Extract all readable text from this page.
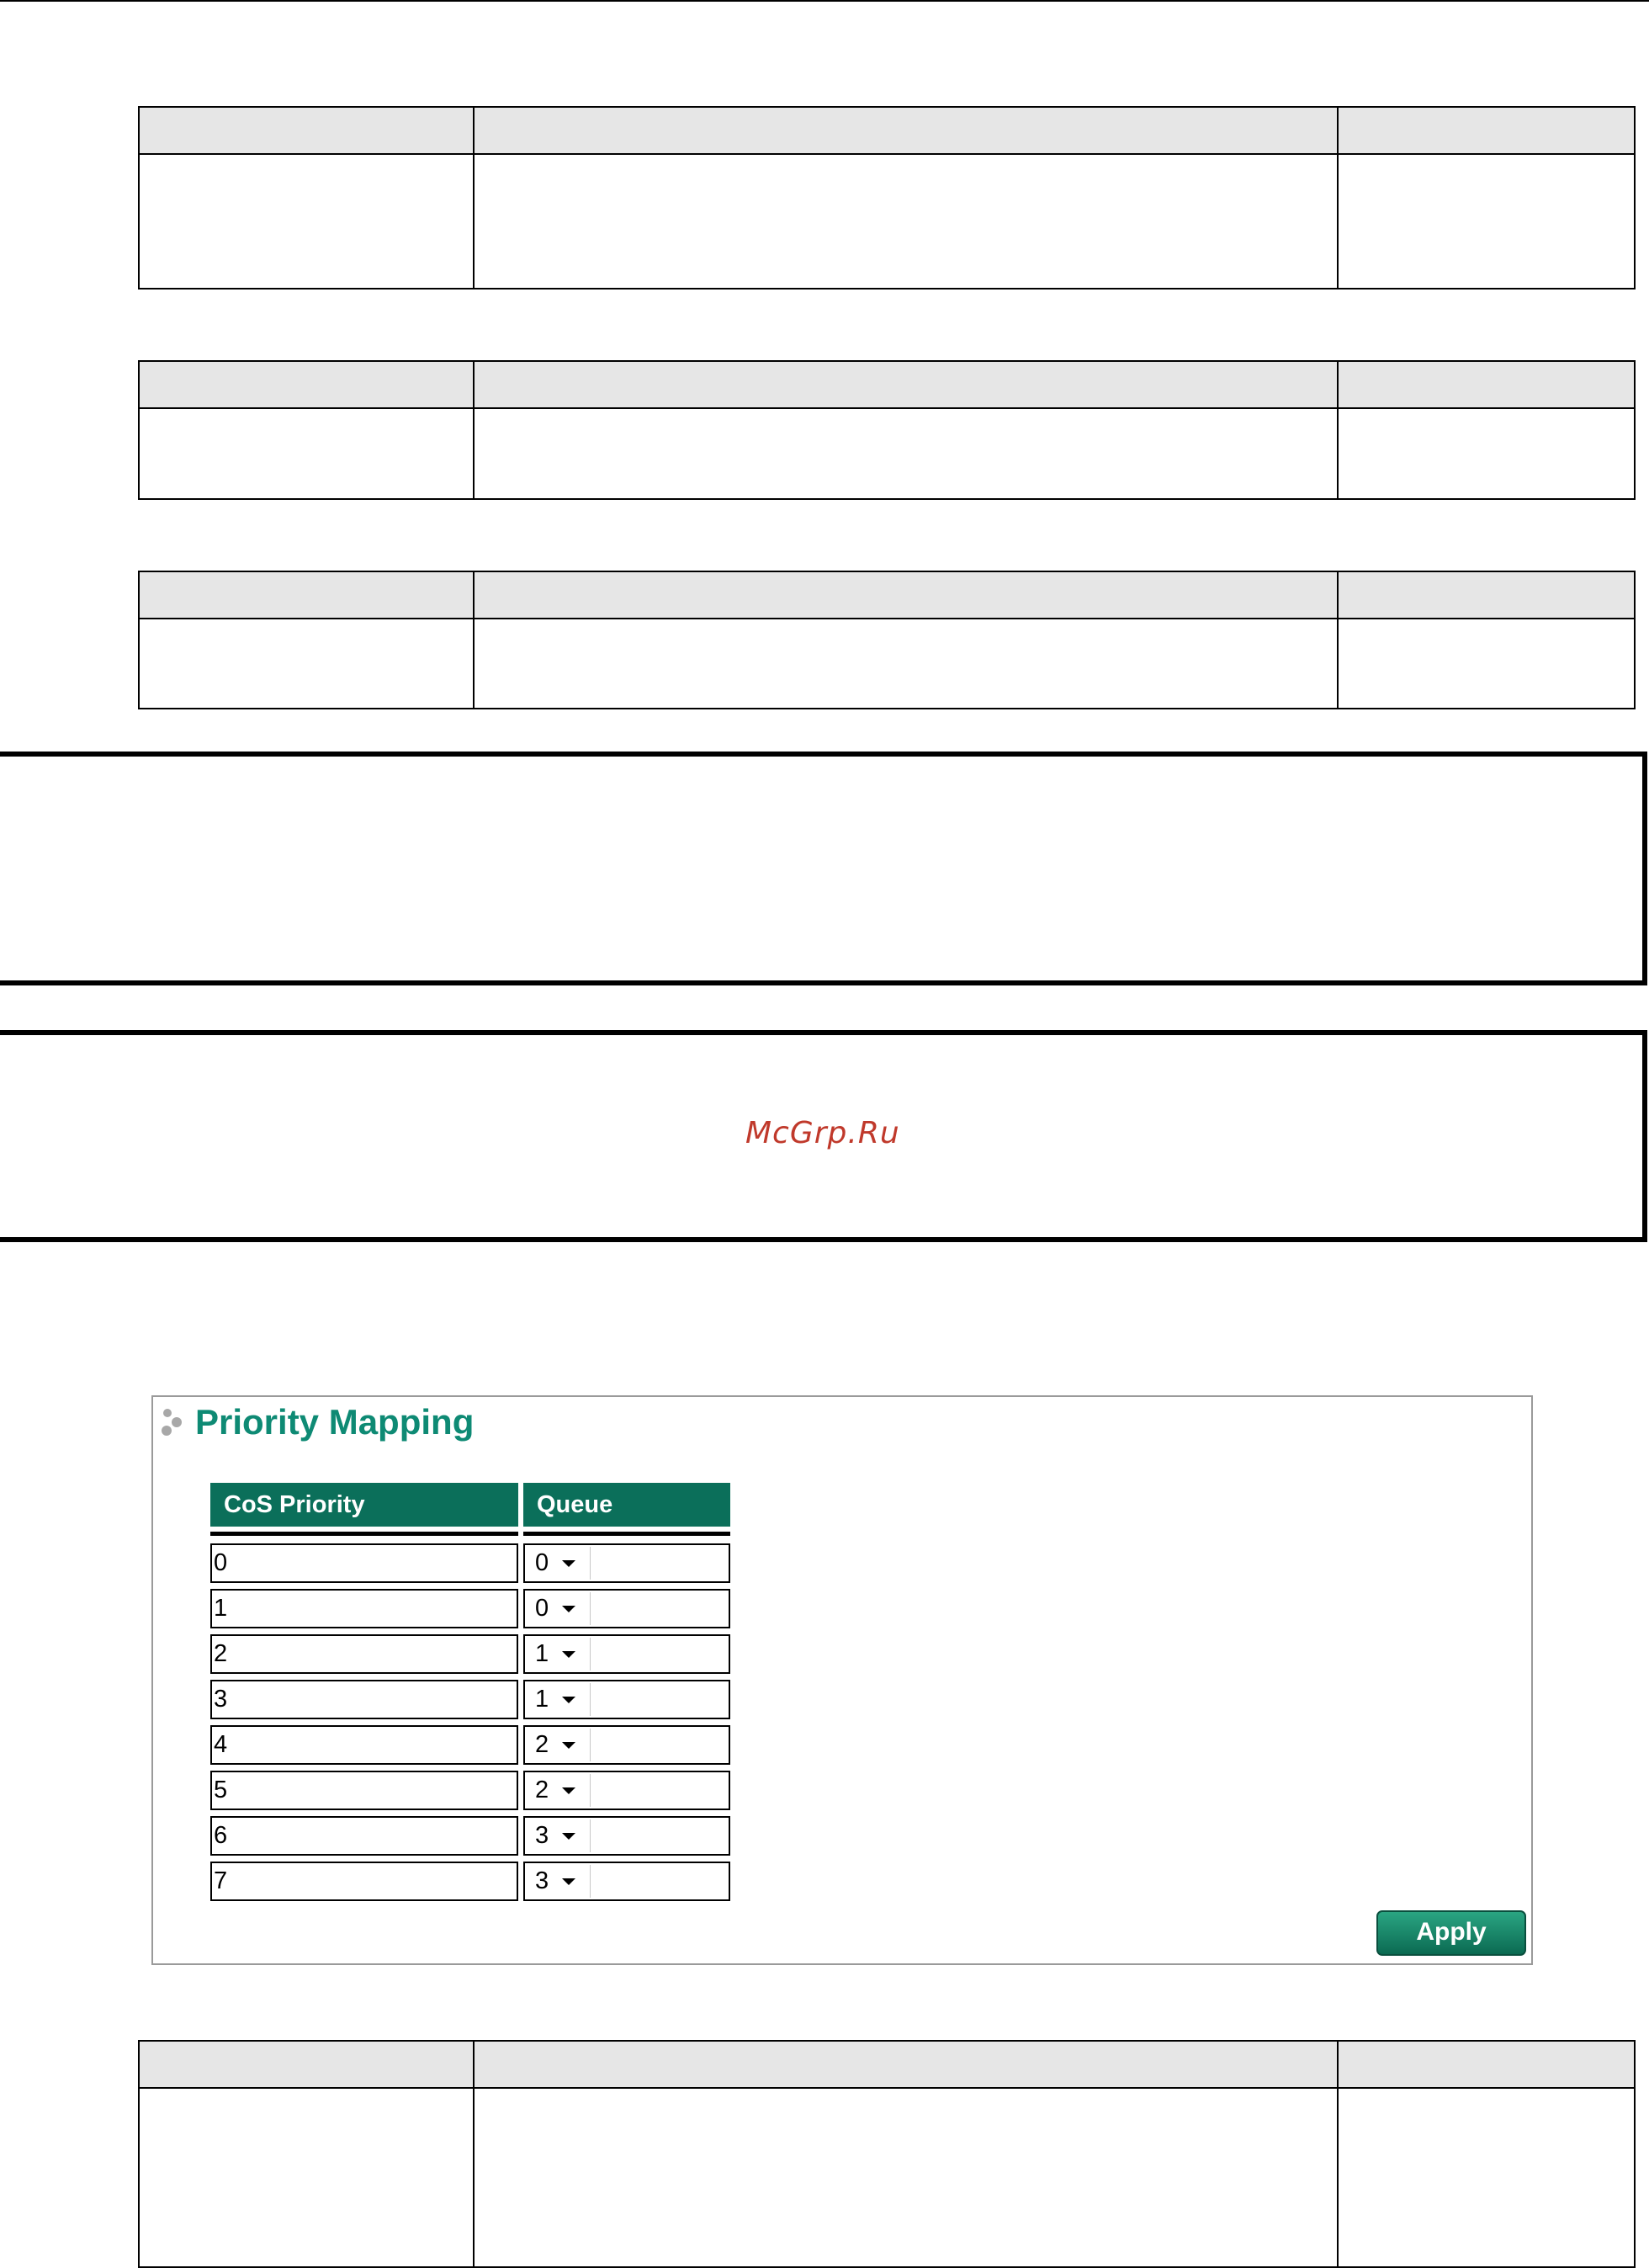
McGrp.Ru
Priority Mapping
CoS Priority	Queue
0	0
1	0
2	1
3	1
4	2
5	2
6	3
7	3
Apply
